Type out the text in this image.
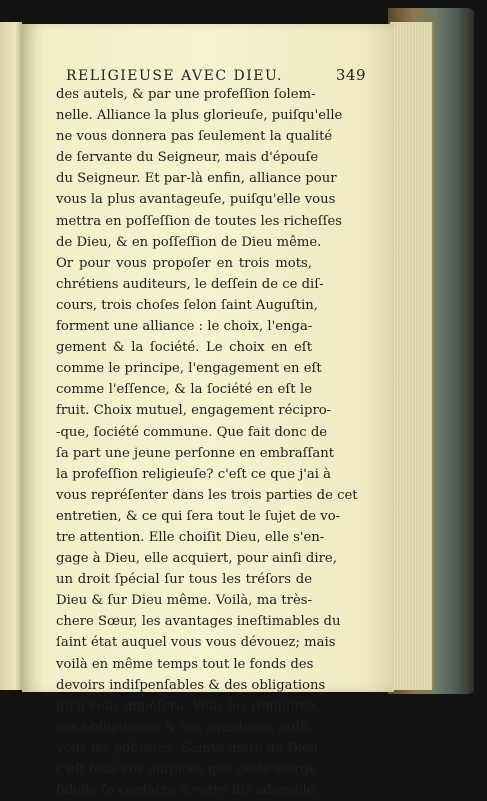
RELIGIEUSE AVEC DIEU.	349
des autels, & par une profeſſion ſolem-
nelle. Alliance la plus glorieuſe, puiſqu'elle
ne vous donnera pas ſeulement la qualité
de ſervante du Seigneur, mais d'épouſe
du Seigneur. Et par-là enfin, alliance pour
vous la plus avantageuſe, puiſqu'elle vous
mettra en poſſeſſion de toutes les richeſſes
de Dieu, & en poſſeſſion de Dieu même.
Or pour vous propoſer en trois mots,
chrétiens auditeurs, le deſſein de ce diſ-
cours, trois choſes ſelon ſaint Auguſtin,
forment une alliance : le choix, l'enga-
gement & la ſociété. Le choix en eſt
comme le principe, l'engagement en eſt
comme l'eſſence, & la ſociété en eſt le
fruit. Choix mutuel, engagement récipro-
-que, ſociété commune. Que fait donc de
ſa part une jeune perſonne en embraſſant
la profeſſion religieuſe? c'eſt ce que j'ai à
vous repréſenter dans les trois parties de cet
entretien, & ce qui ſera tout le ſujet de vo-
tre attention. Elle choiſit Dieu, elle s'en-
gage à Dieu, elle acquiert, pour ainſi dire,
un droit ſpécial ſur tous les tréſors de
Dieu & ſur Dieu même. Voilà, ma très-
chere Sœur, les avantages ineſtimables du
ſaint état auquel vous vous dévouez; mais
voilà en même temps tout le fonds des
devoirs indiſpenſables & des obligations
qu'il vous impoſera. Vous les remplirez,
ces obligations; & ces avantages auſſi,
vous les goûterez. Sainte mere de Dieu,
c'eſt ſous vos auſpices que cette vierge
fidelle ſe conſacre à votre fils adorable,
